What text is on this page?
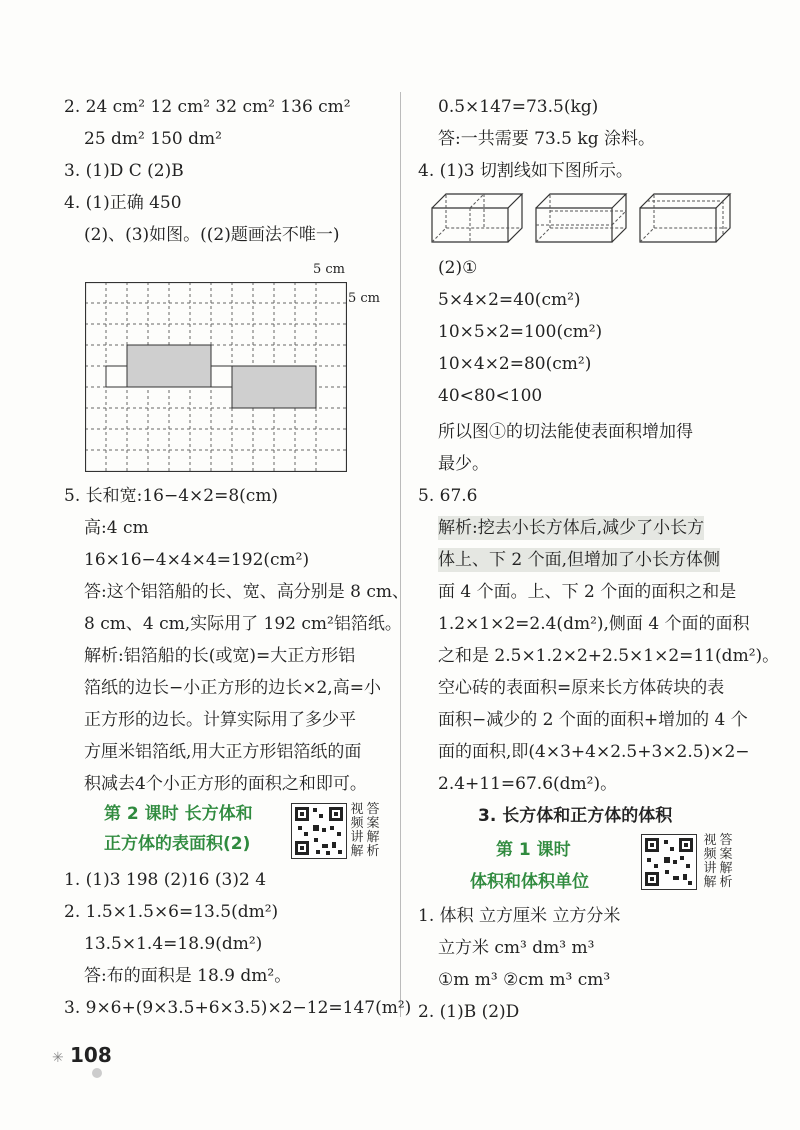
2. 24 cm² 12 cm² 32 cm² 136 cm²
25 dm² 150 dm²
3. (1)D C (2)B
4. (1)正确 450
(2)、(3)如图。((2)题画法不唯一)
5 cm
5 cm
5. 长和宽:16−4×2=8(cm)
高:4 cm
16×16−4×4×4=192(cm²)
答:这个铝箔船的长、宽、高分别是 8 cm、
8 cm、4 cm,实际用了 192 cm²铝箔纸。
解析:铝箔船的长(或宽)=大正方形铝
箔纸的边长−小正方形的边长×2,高=小
正方形的边长。计算实际用了多少平
方厘米铝箔纸,用大正方形铝箔纸的面
积减去4个小正方形的面积之和即可。
第 2 课时 长方体和
正方体的表面积(2)
视频讲解
答案解析
1. (1)3 198 (2)16 (3)2 4
2. 1.5×1.5×6=13.5(dm²)
13.5×1.4=18.9(dm²)
答:布的面积是 18.9 dm²。
3. 9×6+(9×3.5+6×3.5)×2−12=147(m²)
✳ 108
0.5×147=73.5(kg)
答:一共需要 73.5 kg 涂料。
4. (1)3 切割线如下图所示。
(2)①
5×4×2=40(cm²)
10×5×2=100(cm²)
10×4×2=80(cm²)
40<80<100
所以图①的切法能使表面积增加得
最少。
5. 67.6
解析:挖去小长方体后,减少了小长方
体上、下 2 个面,但增加了小长方体侧
面 4 个面。上、下 2 个面的面积之和是
1.2×1×2=2.4(dm²),侧面 4 个面的面积
之和是 2.5×1.2×2+2.5×1×2=11(dm²)。
空心砖的表面积=原来长方体砖块的表
面积−减少的 2 个面的面积+增加的 4 个
面的面积,即(4×3+4×2.5+3×2.5)×2−
2.4+11=67.6(dm²)。
3. 长方体和正方体的体积
第 1 课时
体积和体积单位
视频讲解
答案解析
1. 体积 立方厘米 立方分米
立方米 cm³ dm³ m³
①m m³ ②cm m³ cm³
2. (1)B (2)D
